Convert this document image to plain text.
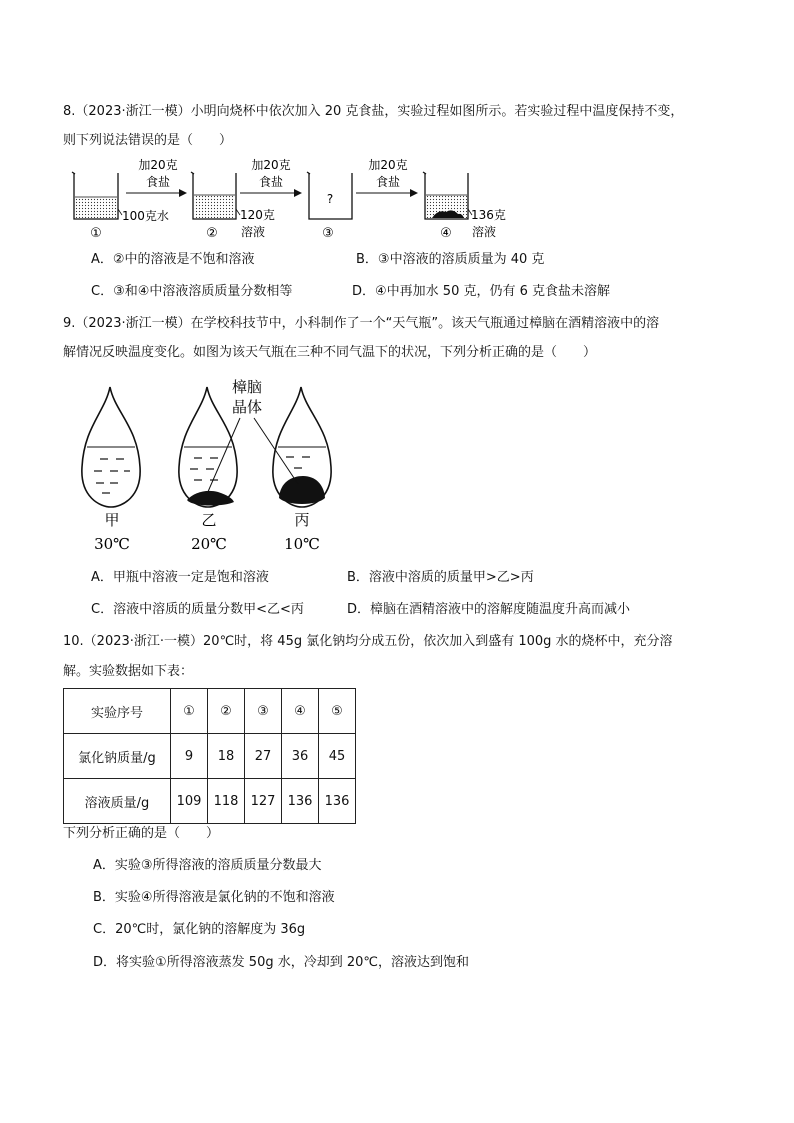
8.（2023·浙江一模）小明向烧杯中依次加入 20 克食盐，实验过程如图所示。若实验过程中温度保持不变，
则下列说法错误的是（　　）
100克水
①
加20克
食盐
120克
溶液
②
加20克
食盐
?
③
加20克
食盐
136克
溶液
④
A．②中的溶液是不饱和溶液	B．③中溶液的溶质质量为 40 克
C．③和④中溶液溶质质量分数相等	D．④中再加水 50 克，仍有 6 克食盐未溶解
9.（2023·浙江一模）在学校科技节中，小科制作了一个“天气瓶”。该天气瓶通过樟脑在酒精溶液中的溶
解情况反映温度变化。如图为该天气瓶在三种不同气温下的状况，下列分析正确的是（　　）
樟脑
晶体
甲
30℃
乙
20℃
丙
10℃
A．甲瓶中溶液一定是饱和溶液	B．溶液中溶质的质量甲>乙>丙
C．溶液中溶质的质量分数甲<乙<丙	D．樟脑在酒精溶液中的溶解度随温度升高而减小
10.（2023·浙江·一模）20℃时，将 45g 氯化钠均分成五份，依次加入到盛有 100g 水的烧杯中，充分溶
解。实验数据如下表：
实验序号	①	②	③	④	⑤
氯化钠质量/g	9	18	27	36	45
溶液质量/g	109	118	127	136	136
下列分析正确的是（　　）
A．实验③所得溶液的溶质质量分数最大
B．实验④所得溶液是氯化钠的不饱和溶液
C．20℃时，氯化钠的溶解度为 36g
D．将实验①所得溶液蒸发 50g 水，冷却到 20℃，溶液达到饱和
